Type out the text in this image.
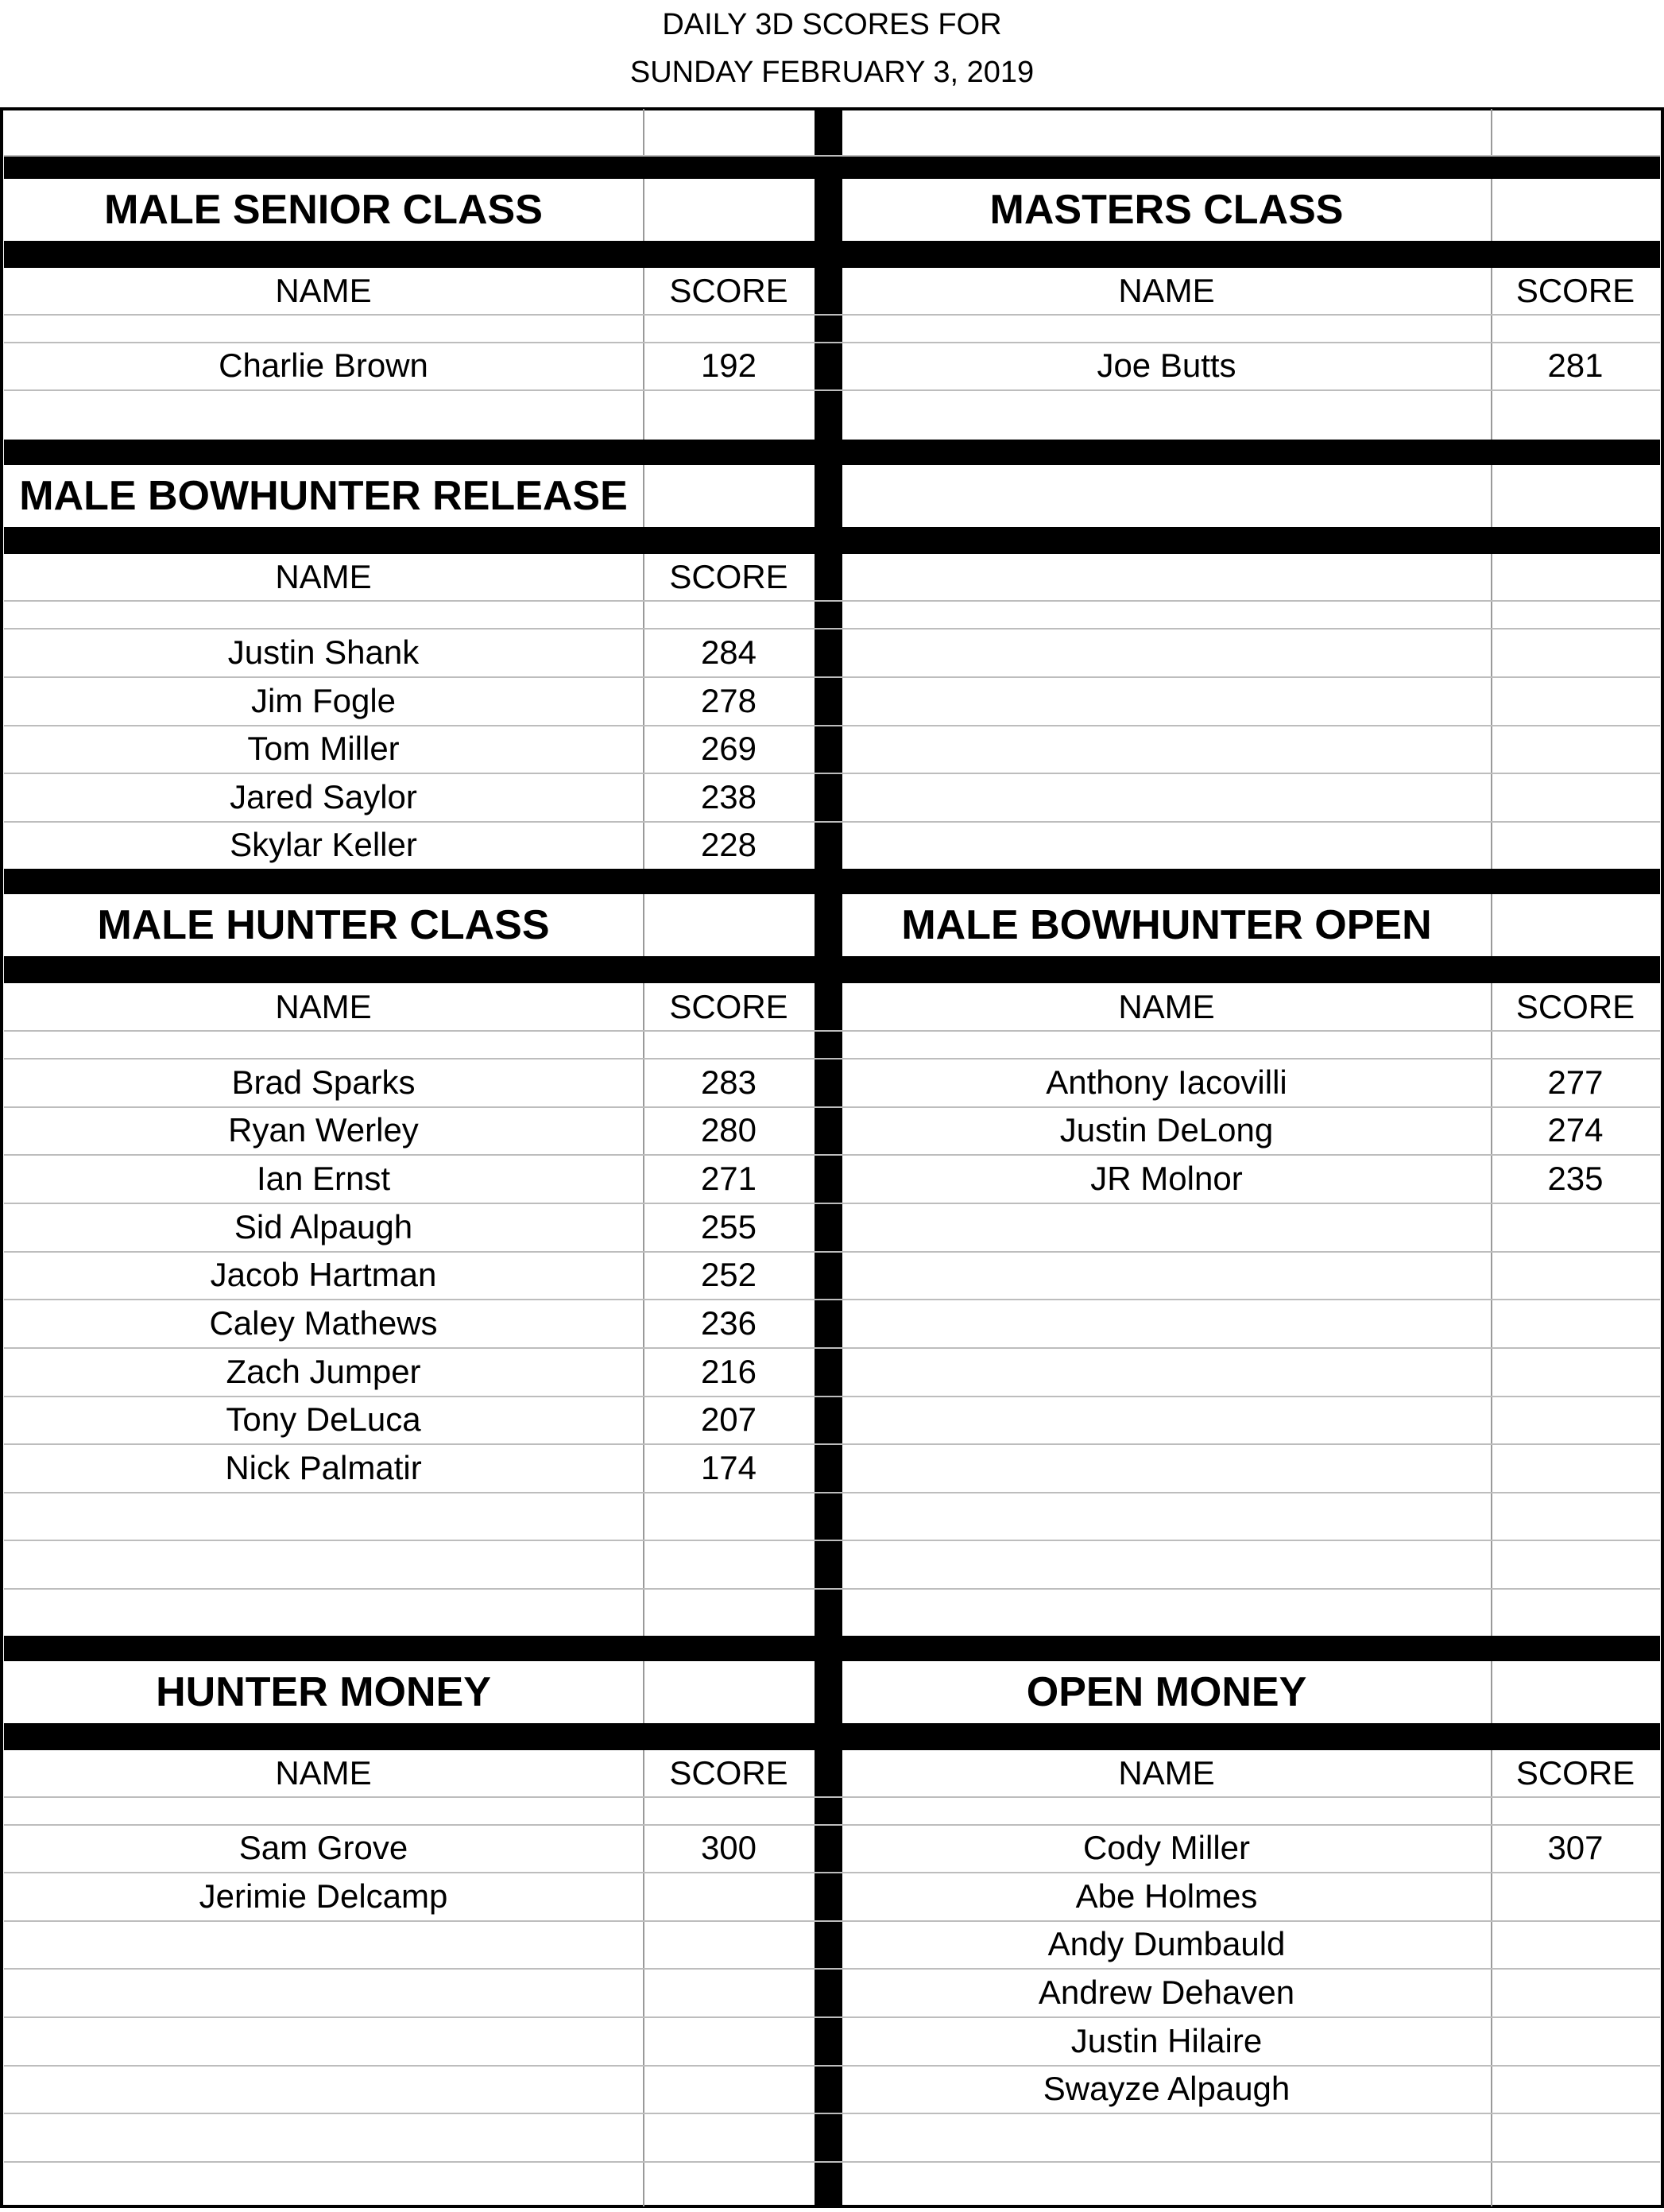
DAILY 3D SCORES FOR
SUNDAY FEBRUARY 3, 2019
MALE SENIOR CLASS
NAME	SCORE
Charlie Brown	192
MASTERS CLASS
NAME	SCORE
Joe Butts	281
MALE BOWHUNTER RELEASE
NAME	SCORE
Justin Shank	284
Jim Fogle	278
Tom Miller	269
Jared Saylor	238
Skylar Keller	228
MALE HUNTER CLASS
NAME	SCORE
Brad Sparks	283
Ryan Werley	280
Ian Ernst	271
Sid Alpaugh	255
Jacob Hartman	252
Caley Mathews	236
Zach Jumper	216
Tony DeLuca	207
Nick Palmatir	174
MALE BOWHUNTER OPEN
NAME	SCORE
Anthony Iacovilli	277
Justin DeLong	274
JR Molnor	235
HUNTER MONEY
NAME	SCORE
Sam Grove	300
Jerimie Delcamp
OPEN MONEY
NAME	SCORE
Cody Miller	307
Abe Holmes
Andy Dumbauld
Andrew Dehaven
Justin Hilaire
Swayze Alpaugh
